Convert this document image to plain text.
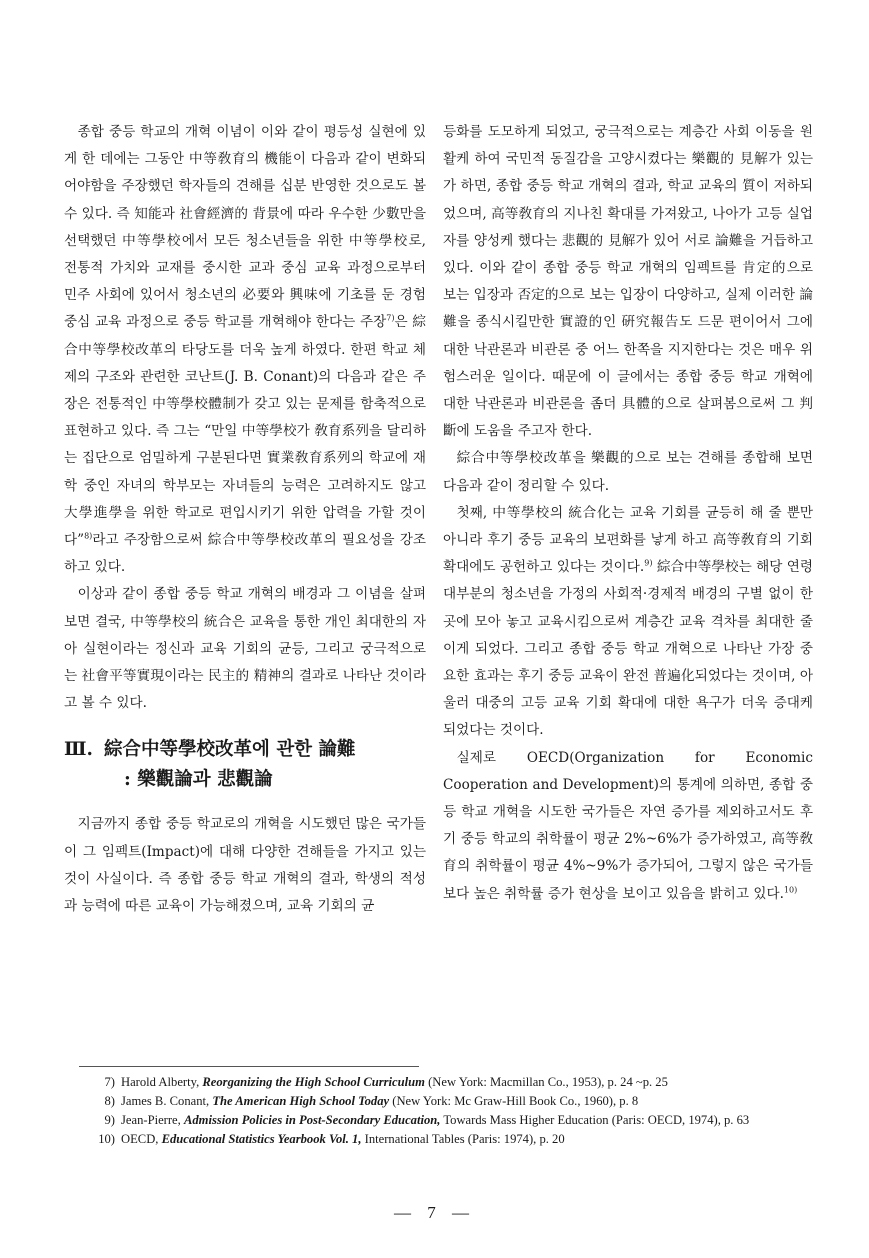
종합 중등 학교의 개혁 이념이 이와 같이 평등성 실현에 있게 한 데에는 그동안 中等敎育의 機能이 다음과 같이 변화되어야함을 주장했던 학자들의 견해를 십분 반영한 것으로도 볼 수 있다. 즉 知能과 社會經濟的 背景에 따라 우수한 少數만을 선택했던 中等學校에서 모든 청소년들을 위한 中等學校로, 전통적 가치와 교재를 중시한 교과 중심 교육 과정으로부터 민주 사회에 있어서 청소년의 必要와 興味에 기초를 둔 경험 중심 교육 과정으로 중등 학교를 개혁해야 한다는 주장$^{7)}$은 綜合中等學校改革의 타당도를 더욱 높게 하였다. 한편 학교 체제의 구조와 관련한 코난트(J. B. Conant)의 다음과 같은 주장은 전통적인 中等學校體制가 갖고 있는 문제를 함축적으로 표현하고 있다. 즉 그는 “만일 中等學校가 敎育系列을 달리하는 집단으로 엄밀하게 구분된다면 實業敎育系列의 학교에 재학 중인 자녀의 학부모는 자녀들의 능력은 고려하지도 않고 大學進學을 위한 학교로 편입시키기 위한 압력을 가할 것이다”$^{8)}$라고 주장함으로써 綜合中等學校改革의 필요성을 강조하고 있다.

이상과 같이 종합 중등 학교 개혁의 배경과 그 이념을 살펴보면 결국, 中等學校의 統合은 교육을 통한 개인 최대한의 자아 실현이라는 정신과 교육 기회의 균등, 그리고 궁극적으로는 社會平等實現이라는 民主的 精神의 결과로 나타난 것이라고 볼 수 있다.

Ⅲ. 綜合中等學校改革에 관한 論難
: 樂觀論과 悲觀論

지금까지 종합 중등 학교로의 개혁을 시도했던 많은 국가들이 그 임펙트(Impact)에 대해 다양한 견해들을 가지고 있는 것이 사실이다. 즉 종합 중등 학교 개혁의 결과, 학생의 적성과 능력에 따른 교육이 가능해졌으며, 교육 기회의 균

등화를 도모하게 되었고, 궁극적으로는 계층간 사회 이동을 원활케 하여 국민적 동질감을 고양시켰다는 樂觀的 見解가 있는가 하면, 종합 중등 학교 개혁의 결과, 학교 교육의 質이 저하되었으며, 高等敎育의 지나친 확대를 가져왔고, 나아가 고등 실업자를 양성케 했다는 悲觀的 見解가 있어 서로 論難을 거듭하고 있다. 이와 같이 종합 중등 학교 개혁의 임펙트를 肯定的으로 보는 입장과 否定的으로 보는 입장이 다양하고, 실제 이러한 論難을 종식시킬만한 實證的인 硏究報告도 드문 편이어서 그에 대한 낙관론과 비관론 중 어느 한쪽을 지지한다는 것은 매우 위험스러운 일이다. 때문에 이 글에서는 종합 중등 학교 개혁에 대한 낙관론과 비관론을 좀더 具體的으로 살펴봄으로써 그 判斷에 도움을 주고자 한다.

綜合中等學校改革을 樂觀的으로 보는 견해를 종합해 보면 다음과 같이 정리할 수 있다.

첫째, 中等學校의 統合化는 교육 기회를 균등히 해 줄 뿐만 아니라 후기 중등 교육의 보편화를 낳게 하고 高等敎育의 기회 확대에도 공헌하고 있다는 것이다.$^{9)}$ 綜合中等學校는 해당 연령 대부분의 청소년을 가정의 사회적·경제적 배경의 구별 없이 한 곳에 모아 놓고 교육시킴으로써 계층간 교육 격차를 최대한 줄이게 되었다. 그리고 종합 중등 학교 개혁으로 나타난 가장 중요한 효과는 후기 중등 교육이 완전 普遍化되었다는 것이며, 아울러 대중의 고등 교육 기회 확대에 대한 욕구가 더욱 증대케 되었다는 것이다.

실제로 OECD(Organization for Economic Cooperation and Development)의 통계에 의하면, 종합 중등 학교 개혁을 시도한 국가들은 자연 증가를 제외하고서도 후기 중등 학교의 취학률이 평균 2%~6%가 증가하였고, 高等敎育의 취학률이 평균 4%~9%가 증가되어, 그렇지 않은 국가들보다 높은 취학률 증가 현상을 보이고 있음을 밝히고 있다.$^{10)}$

7) Harold Alberty, Reorganizing the High School Curriculum (New York: Macmillan Co., 1953), p. 24 ~p. 25
8) James B. Conant, The American High School Today (New York: Mc Graw-Hill Book Co., 1960), p. 8
9) Jean-Pierre, Admission Policies in Post-Secondary Education, Towards Mass Higher Education (Paris: OECD, 1974), p. 63
10) OECD, Educational Statistics Yearbook Vol. 1, International Tables (Paris: 1974), p. 20
— 7 —
